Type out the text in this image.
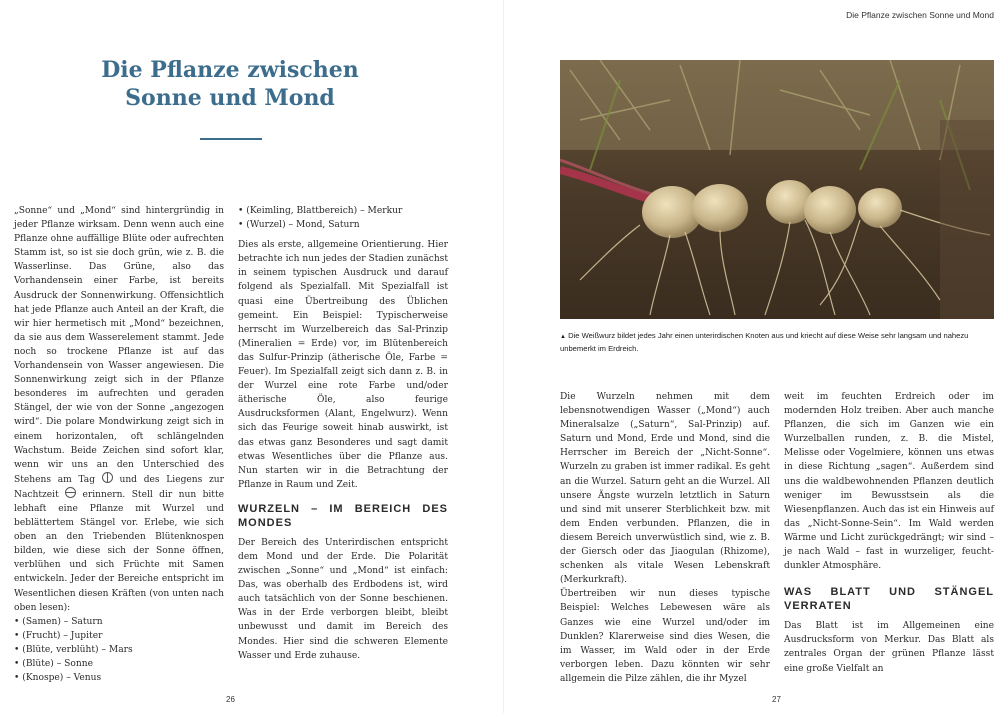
Die Pflanze zwischen
Sonne und Mond

„Sonne“ und „Mond“ sind hintergründig in jeder Pflanze wirksam. Denn wenn auch eine Pflanze ohne auffällige Blüte oder aufrechten Stamm ist, so ist sie doch grün, wie z. B. die Wasserlinse. Das Grüne, also das Vorhandensein einer Farbe, ist bereits Ausdruck der Sonnenwirkung. Offensichtlich hat jede Pflanze auch Anteil an der Kraft, die wir hier hermetisch mit „Mond“ bezeichnen, da sie aus dem Wasserelement stammt. Jede noch so trockene Pflanze ist auf das Vorhandensein von Wasser angewiesen. Die Sonnenwirkung zeigt sich in der Pflanze besonderes im aufrechten und geraden Stängel, der wie von der Sonne „angezogen wird“. Die polare Mondwirkung zeigt sich in einem horizontalen, oft schlängelnden Wachstum. Beide Zeichen sind sofort klar, wenn wir uns an den Unterschied des Stehens am Tag	und des Liegens zur Nachtzeit	erinnern. Stell dir nun bitte lebhaft eine Pflanze mit Wurzel und beblättertem Stängel vor. Erlebe, wie sich oben an den Triebenden Blütenknospen bilden, wie diese sich der Sonne öffnen, verblühen und sich Früchte mit Samen entwickeln. Jeder der Bereiche entspricht im Wesentlichen diesen Kräften (von unten nach oben lesen):

• (Samen) – Saturn
• (Frucht) – Jupiter
• (Blüte, verblüht) – Mars
• (Blüte) – Sonne
• (Knospe) – Venus
• (Keimling, Blattbereich) – Merkur
• (Wurzel) – Mond, Saturn

Dies als erste, allgemeine Orientierung. Hier betrachte ich nun jedes der Stadien zunächst in seinem typischen Ausdruck und darauf folgend als Spezialfall. Mit Spezialfall ist quasi eine Übertreibung des Üblichen gemeint. Ein Beispiel: Typischerweise herrscht im Wurzelbereich das Sal-Prinzip (Mineralien = Erde) vor, im Blütenbereich das Sulfur-Prinzip (ätherische Öle, Farbe = Feuer). Im Spezialfall zeigt sich dann z. B. in der Wurzel eine rote Farbe und/oder ätherische Öle, also feurige Ausdrucksformen (Alant, Engelwurz). Wenn sich das Feurige soweit hinab auswirkt, ist das etwas ganz Besonderes und sagt damit etwas Wesentliches über die Pflanze aus. Nun starten wir in die Betrachtung der Pflanze in Raum und Zeit.

WURZELN – IM BEREICH DES MONDES

Der Bereich des Unterirdischen entspricht dem Mond und der Erde. Die Polarität zwischen „Sonne“ und „Mond“ ist einfach: Das, was oberhalb des Erdbodens ist, wird auch tatsächlich von der Sonne beschienen. Was in der Erde verborgen bleibt, bleibt unbewusst und damit im Bereich des Mondes. Hier sind die schweren Elemente Wasser und Erde zuhause.

26
Die Pflanze zwischen Sonne und Mond
▲ Die Weißwurz bildet jedes Jahr einen unterirdischen Knoten aus und kriecht auf diese Weise sehr langsam und nahezu unbemerkt im Erdreich.

Die Wurzeln nehmen mit dem lebensnotwendigen Wasser („Mond“) auch Mineralsalze („Saturn“, Sal-Prinzip) auf. Saturn und Mond, Erde und Mond, sind die Herrscher im Bereich der „Nicht-Sonne“. Wurzeln zu graben ist immer radikal. Es geht an die Wurzel. Saturn geht an die Wurzel. All unsere Ängste wurzeln letztlich in Saturn und sind mit unserer Sterblichkeit bzw. mit dem Enden verbunden. Pflanzen, die in diesem Bereich unverwüstlich sind, wie z. B. der Giersch oder das Jiaogulan (Rhizome), schenken als vitale Wesen Lebenskraft (Merkurkraft).

Übertreiben wir nun dieses typische Beispiel: Welches Lebewesen wäre als Ganzes wie eine Wurzel und/oder im Dunklen? Klarerweise sind dies Wesen, die im Wasser, im Wald oder in der Erde verborgen leben. Dazu könnten wir sehr allgemein die Pilze zählen, die ihr Myzel

weit im feuchten Erdreich oder im modernden Holz treiben. Aber auch manche Pflanzen, die sich im Ganzen wie ein Wurzelballen runden, z. B. die Mistel, Melisse oder Vogelmiere, können uns etwas in diese Richtung „sagen“. Außerdem sind uns die waldbewohnenden Pflanzen deutlich weniger im Bewusstsein als die Wiesenpflanzen. Auch das ist ein Hinweis auf das „Nicht-Sonne-Sein“. Im Wald werden Wärme und Licht zurückgedrängt; wir sind – je nach Wald – fast in wurzeliger, feucht-dunkler Atmosphäre.

WAS BLATT UND STÄNGEL VERRATEN

Das Blatt ist im Allgemeinen eine Ausdrucksform von Merkur. Das Blatt als zentrales Organ der grünen Pflanze lässt eine große Vielfalt an

27
